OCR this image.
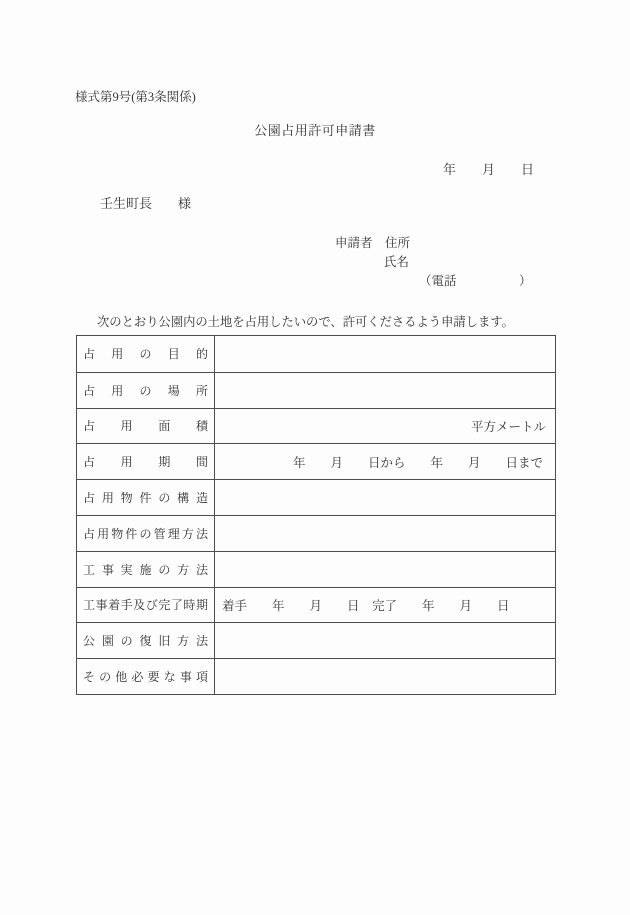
様式第9号(第3条関係)
公園占用許可申請書
年　　月　　日
壬生町長　　様
申請者　住所
氏名
（電話　　　　　）
次のとおり公園内の土地を占用したいので、許可くださるよう申請します。
占用の目的
占用の場所
占用面積	平方メートル
占用期間	年　　月　　日から　　年　　月　　日まで
占用物件の構造
占用物件の管理方法
工事実施の方法
工事着手及び完了時期	着手　　年　　月　　日　完了　　年　　月　　日
公園の復旧方法
その他必要な事項
